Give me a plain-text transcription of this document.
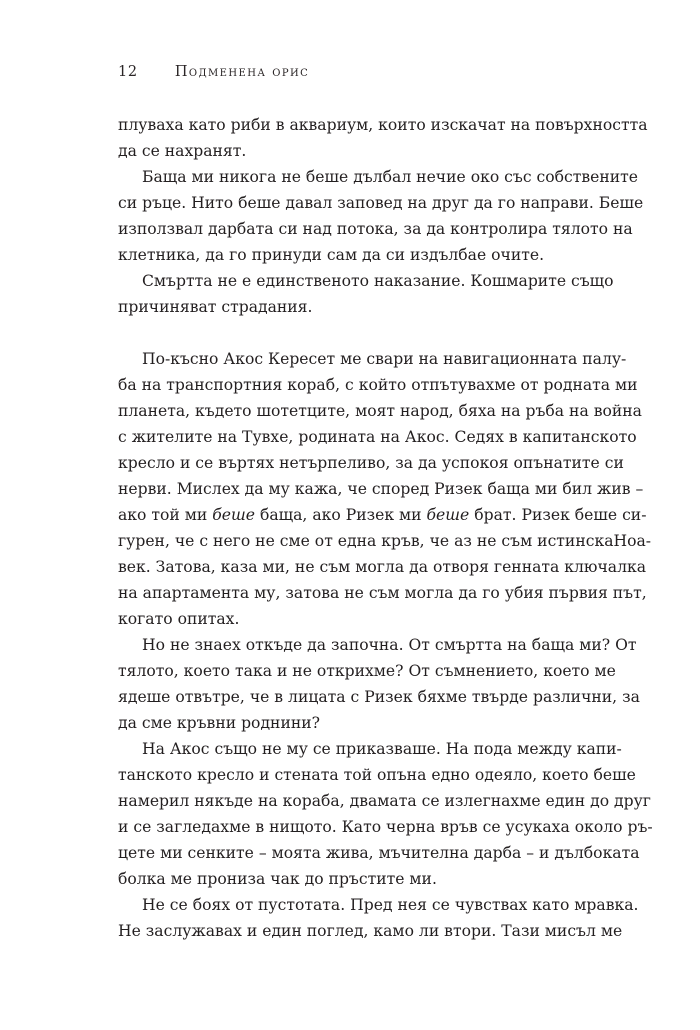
12	Подменена орис
плуваха като риби в аквариум, които изскачат на повърхността
да се нахранят.
Баща ми никога не беше дълбал нечие око със собствените
си ръце. Нито беше давал заповед на друг да го направи. Беше
използвал дарбата си над потока, за да контролира тялото на
клетника, да го принуди сам да си издълбае очите.
Смъртта не е единственото наказание. Кошмарите също
причиняват страдания.
По-късно Акос Кересет ме свари на навигационната палу-
ба на транспортния кораб, с който отпътувахме от родната ми
планета, където шотетците, моят народ, бяха на ръба на война
с жителите на Тувхе, родината на Акос. Седях в капитанското
кресло и се въртях нетърпеливо, за да успокоя опънатите си
нерви. Мислех да му кажа, че според Ризек баща ми бил жив –
ако той ми беше баща, ако Ризек ми беше брат. Ризек беше си-
гурен, че с него не сме от една кръв, че аз не съм истинскаНоа-
век. Затова, каза ми, не съм могла да отворя генната ключалка
на апартамента му, затова не съм могла да го убия първия път,
когато опитах.
Но не знаех откъде да започна. От смъртта на баща ми? От
тялото, което така и не открихме? От съмнението, което ме
ядеше отвътре, че в лицата с Ризек бяхме твърде различни, за
да сме кръвни роднини?
На Акос също не му се приказваше. На пода между капи-
танското кресло и стената той опъна едно одеяло, което беше
намерил някъде на кораба, двамата се излегнахме един до друг
и се загледахме в нищото. Като черна връв се усукаха около ръ-
цете ми сенките – моята жива, мъчителна дарба – и дълбоката
болка ме прониза чак до пръстите ми.
Не се боях от пустотата. Пред нея се чувствах като мравка.
Не заслужавах и един поглед, камо ли втори. Тази мисъл ме
